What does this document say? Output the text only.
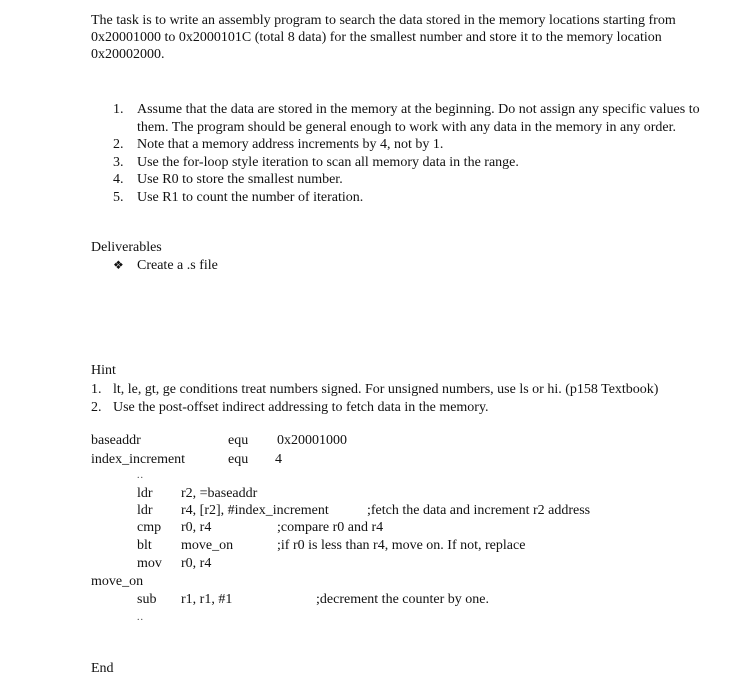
The task is to write an assembly program to search the data stored in the memory locations starting from 0x20001000 to 0x2000101C (total 8 data) for the smallest number and store it to the memory location 0x20002000.
1. Assume that the data are stored in the memory at the beginning. Do not assign any specific values to them. The program should be general enough to work with any data in the memory in any order.
2. Note that a memory address increments by 4, not by 1.
3. Use the for-loop style iteration to scan all memory data in the range.
4. Use R0 to store the smallest number.
5. Use R1 to count the number of iteration.
Deliverables
❖ Create a .s file
Hint
1. lt, le, gt, ge conditions treat numbers signed. For unsigned numbers, use ls or hi. (p158 Textbook)
2. Use the post-offset indirect addressing to fetch data in the memory.
baseaddr	equ 0x20001000
index_increment	equ 4
..
ldr r2, =baseaddr
ldr r4, [r2], #index_increment	;fetch the data and increment r2 address
cmp r0, r4	;compare r0 and r4
blt move_on	;if r0 is less than r4, move on. If not, replace
mov r0, r4
move_on
sub r1, r1, #1	;decrement the counter by one.
..
End
